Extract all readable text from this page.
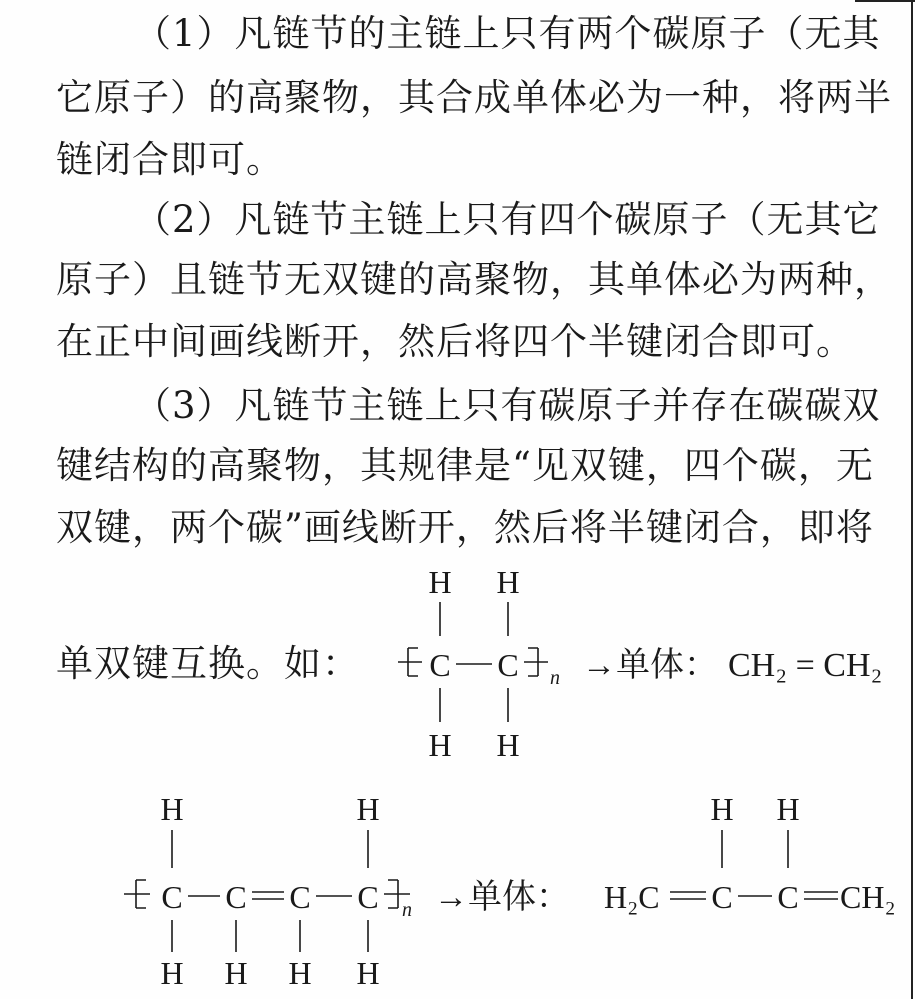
（1）凡链节的主链上只有两个碳原子（无其
它原子）的高聚物，其合成单体必为一种，将两半
链闭合即可。
（2）凡链节主链上只有四个碳原子（无其它
原子）且链节无双键的高聚物，其单体必为两种，
在正中间画线断开，然后将四个半键闭合即可。
（3）凡链节主链上只有碳原子并存在碳碳双
键结构的高聚物，其规律是“见双键，四个碳，无
双键，两个碳”画线断开，然后将半键闭合，即将
单双键互换。如：
H H
C C n →单体： CH₂ = CH₂
H H
H	H
C C C C n →单体：
H H H H
H H
H₂C C C CH₂
